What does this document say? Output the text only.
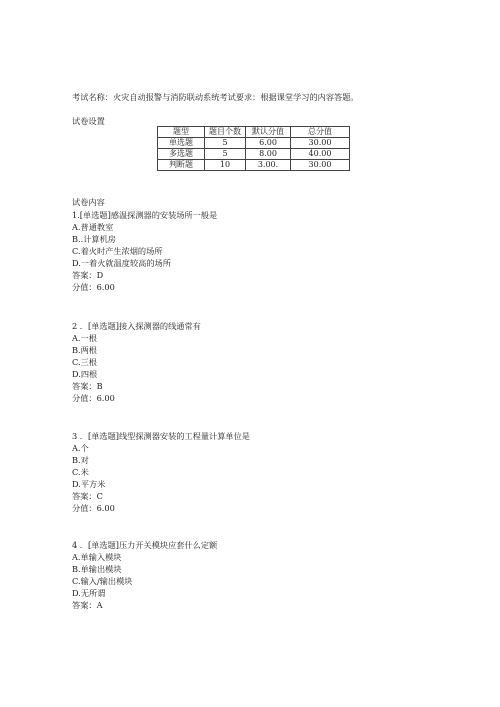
考试名称：火灾自动报警与消防联动系统考试要求：根据课堂学习的内容答题。
试卷设置
题型	题目个数	默认分值	总分值
单选题	5	6.00	30.00
多选题	5	8.00	40.00
判断题	10	3.00.	30.00
试卷内容
1.[单选题]感温探测器的安装场所一般是
A.普通教室
B..计算机房
C.着火时产生浓烟的场所
D.一着火就温度较高的场所
答案：D
分值：6.00
2 ．[单选题]接入探测器的线通常有
A.一根
B.两根
C.三根
D.四根
答案：B
分值：6.00
3 ．[单选题]线型探测器安装的工程量计算单位是
A.个
B.对
C.米
D.平方米
答案：C
分值：6.00
4 ．[单选题]压力开关模块应套什么定额
A.单输入模块
B.单输出模块
C.输入/输出模块
D.无所谓
答案：A
